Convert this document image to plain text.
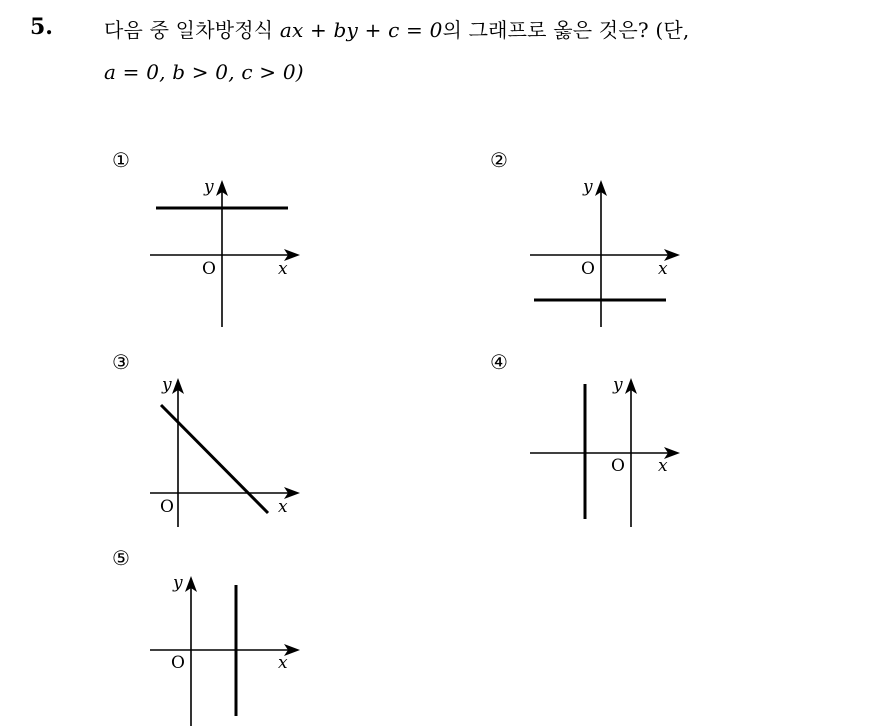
5.	다음 중 일차방정식 ax + by + c = 0의 그래프로 옳은 것은? (단,
a = 0, b > 0, c > 0)
①
O	x
y
②
O	x
y
③
O	x
y
④
O x
y
⑤
O	x
y
